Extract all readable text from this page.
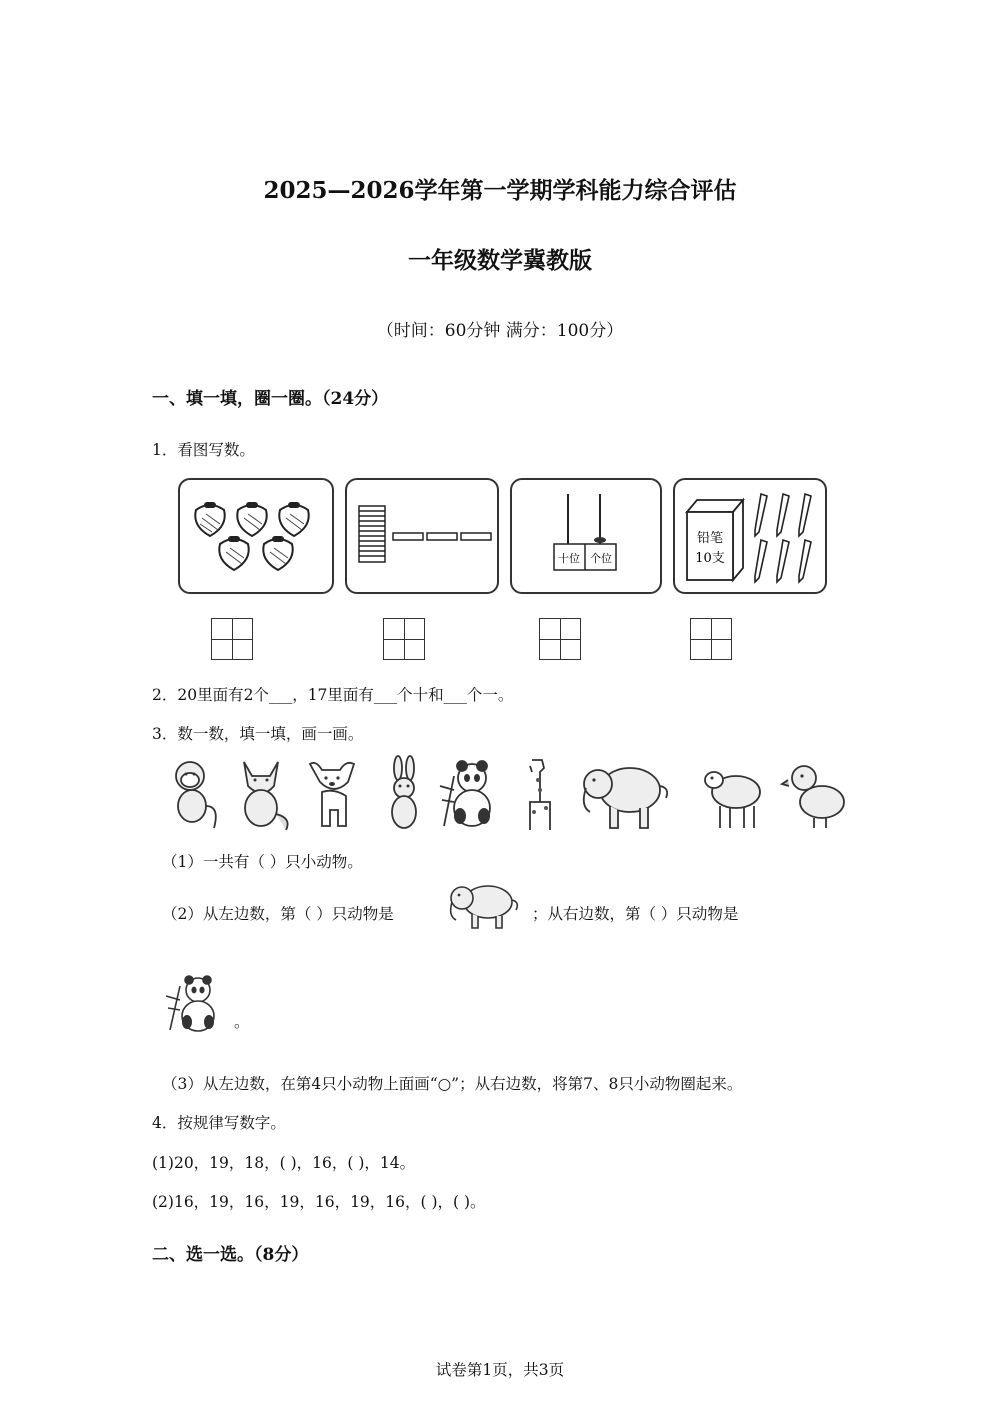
2025—2026学年第一学期学科能力综合评估
一年级数学冀教版
（时间：60分钟 满分：100分）
一、填一填，圈一圈。（24分）
1．看图写数。
十位 个位
铅笔
10支
2．20里面有2个___，17里面有___个十和___个一。
3．数一数，填一填，画一画。
（1）一共有（ ）只小动物。
（2）从左边数，第（ ）只动物是	；从右边数，第（ ）只动物是
。
（3）从左边数，在第4只小动物上面画“○”；从右边数，将第7、8只小动物圈起来。
4．按规律写数字。
(1)20，19，18，( )，16，( )，14。
(2)16，19，16，19，16，19，16，( )，( )。
二、选一选。（8分）
试卷第1页，共3页
